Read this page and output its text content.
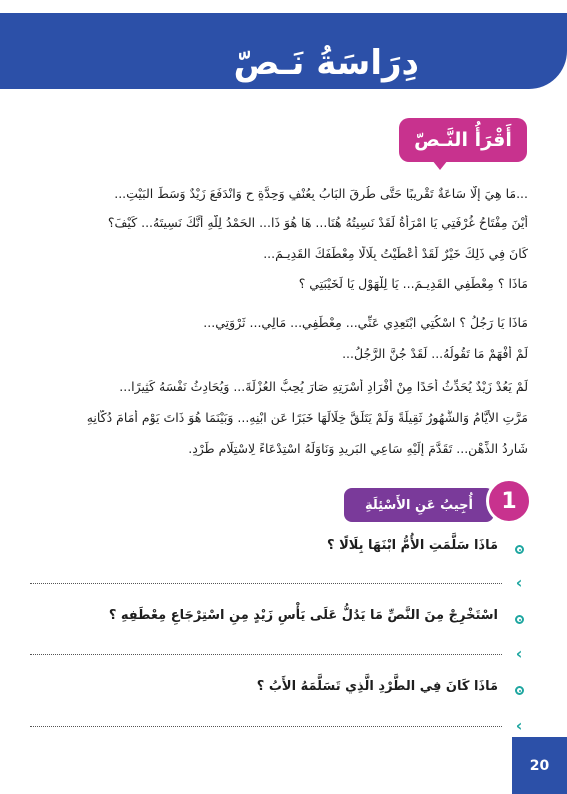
دِرَاسَةُ نَـصّ
أَقْرَأُ النَّـصّ
...مَا هِيَ إِلَّا سَاعَةٌ تَقْرِيبًا حَتَّى طُرِقَ البَابُ بِعُنْفٍ وَحِدَّةٍ ح وَانْدَفَعَ زَيْدٌ وَسَطَ البَيْتِ...
أَيْنَ مِفْتَاحُ غُرْفَتِي يَا امْرَأَةُ لَقَدْ نَسِيتُهُ هُنَا... هَا هُوَ ذَا... الحَمْدُ لِلَّهِ أَنَّكَ نَسِيتَهُ... كَيْفَ؟
كَانَ فِي ذَلِكَ خَيْرٌ لَقَدْ أَعْطَيْتُ بِلَالًا مِعْطَفَكَ القَدِيـمَ...
مَاذَا ؟ مِعْطَفِي القَدِيـمَ... يَا لِلْهَوْلِ يَا لَخَيْبَتِي ؟
مَاذَا يَا رَجُلُ ؟ اسْكُتِي ابْتَعِدِي عَنِّي... مِعْطَفِي... مَالِي... ثَرْوَتِي...
لَمْ أَفْهَمْ مَا تَقُولُهُ... لَقَدْ جُنَّ الرَّجُلُ...
لَمْ يَعُدْ زَيْدٌ يُحَدِّثُ أَحَدًا مِنْ أَفْرَادِ أُسْرَتِهِ صَارَ يُحِبُّ العُزْلَةَ... وَيُحَادِثُ نَفْسَهُ كَثِيرًا...
مَرَّتِ الأَيَّامُ وَالشُّهُورُ ثَقِيلَةً وَلَمْ يَتَلَقَّ خِلَالَهَا خَبَرًا عَنِ ابْنِهِ... وَبَيْنَمَا هُوَ ذَاتَ يَوْمٍ أَمَامَ دُكَّانِهِ
شَارِدُ الذِّهْنِ... تَقَدَّمَ إِلَيْهِ سَاعِي البَرِيدِ وَنَاوَلَهُ اسْتِدْعَاءً لِاسْتِلَامِ طَرْدٍ.
أُجِيبُ عَنِ الأَسْئِلَةِ	1
مَاذَا سَلَّمَتِ الأُمُّ ابْنَهَا بِلَالًا ؟
‹
اسْتَخْرِجْ مِنَ النَّصِّ مَا يَدُلُّ عَلَى يَأْسِ زَيْدٍ مِنِ اسْتِرْجَاعِ مِعْطَفِهِ ؟
‹
مَاذَا كَانَ فِي الطَّرْدِ الَّذِي تَسَلَّمَهُ الأَبُ ؟
‹
20
